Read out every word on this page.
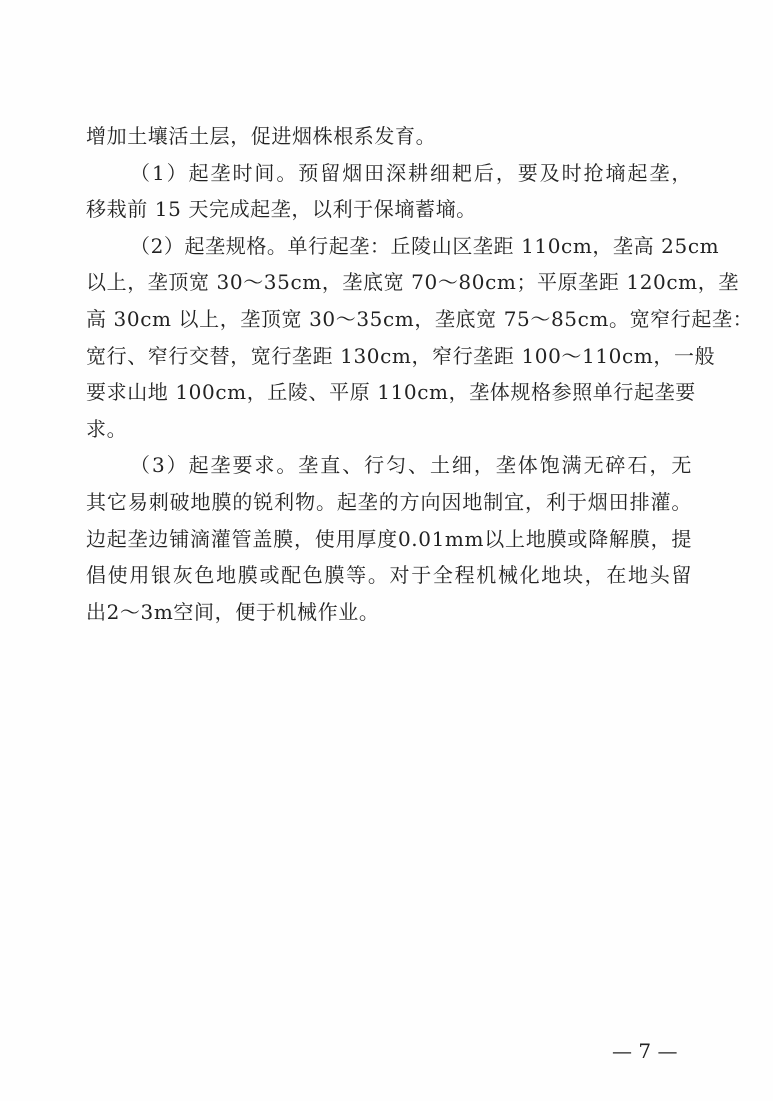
增加土壤活土层，促进烟株根系发育。
（1）起垄时间。预留烟田深耕细耙后，要及时抢墒起垄，
移栽前 15 天完成起垄，以利于保墒蓄墒。
（2）起垄规格。单行起垄：丘陵山区垄距 110cm，垄高 25cm
以上，垄顶宽 30～35cm，垄底宽 70～80cm；平原垄距 120cm，垄
高 30cm 以上，垄顶宽 30～35cm，垄底宽 75～85cm。宽窄行起垄：
宽行、窄行交替，宽行垄距 130cm，窄行垄距 100～110cm，一般
要求山地 100cm，丘陵、平原 110cm，垄体规格参照单行起垄要
求。
（3）起垄要求。垄直、行匀、土细，垄体饱满无碎石，无
其它易刺破地膜的锐利物。起垄的方向因地制宜，利于烟田排灌。
边起垄边铺滴灌管盖膜，使用厚度0.01mm以上地膜或降解膜，提
倡使用银灰色地膜或配色膜等。对于全程机械化地块，在地头留
出2～3m空间，便于机械作业。
— 7 —
